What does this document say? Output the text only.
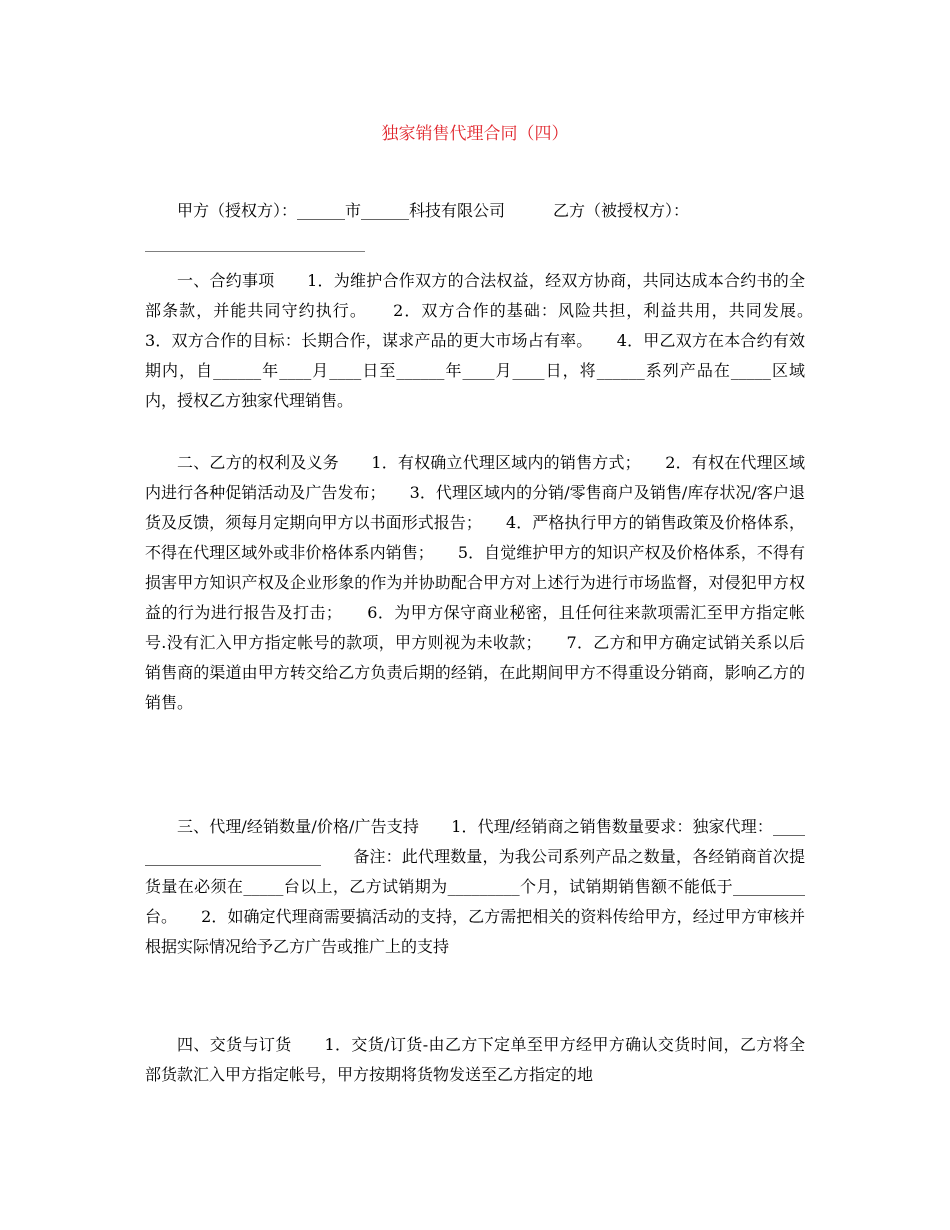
独家销售代理合同（四）
甲方（授权方）：______市______科技有限公司　　　乙方（被授权方）：
一、合约事项　　1．为维护合作双方的合法权益，经双方协商，共同达成本合约书的全部条款，并能共同守约执行。　　2．双方合作的基础：风险共担，利益共用，共同发展。　　3．双方合作的目标：长期合作，谋求产品的更大市场占有率。　　4．甲乙双方在本合约有效期内，自______年____月____日至______年____月____日，将______系列产品在_____区域内，授权乙方独家代理销售。
二、乙方的权利及义务　　1．有权确立代理区域内的销售方式；　　2．有权在代理区域内进行各种促销活动及广告发布；　　3．代理区域内的分销/零售商户及销售/库存状况/客户退货及反馈，须每月定期向甲方以书面形式报告；　　4．严格执行甲方的销售政策及价格体系，不得在代理区域外或非价格体系内销售；　　5．自觉维护甲方的知识产权及价格体系，不得有损害甲方知识产权及企业形象的作为并协助配合甲方对上述行为进行市场监督，对侵犯甲方权益的行为进行报告及打击；　　6．为甲方保守商业秘密，且任何往来款项需汇至甲方指定帐号.没有汇入甲方指定帐号的款项，甲方则视为未收款；　　7．乙方和甲方确定试销关系以后销售商的渠道由甲方转交给乙方负责后期的经销，在此期间甲方不得重设分销商，影响乙方的销售。
三、代理/经销数量/价格/广告支持　　1．代理/经销商之销售数量要求：独家代理：__________________________　　备注：此代理数量，为我公司系列产品之数量，各经销商首次提货量在必须在_____台以上，乙方试销期为_________个月，试销期销售额不能低于_________台。　　2．如确定代理商需要搞活动的支持，乙方需把相关的资料传给甲方，经过甲方审核并根据实际情况给予乙方广告或推广上的支持
四、交货与订货　　1．交货/订货-由乙方下定单至甲方经甲方确认交货时间，乙方将全部货款汇入甲方指定帐号，甲方按期将货物发送至乙方指定的地
